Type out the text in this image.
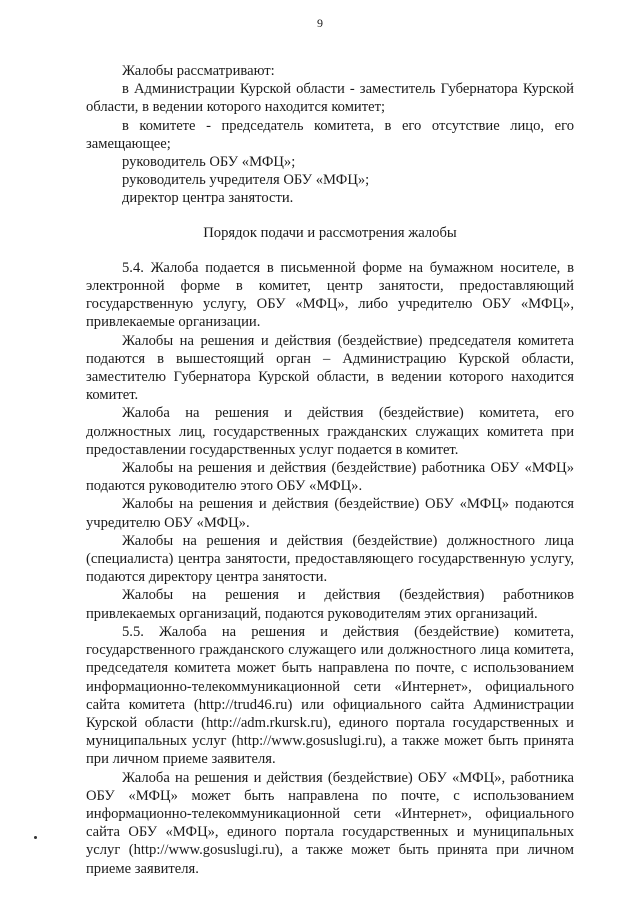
9

Жалобы рассматривают:

в Администрации Курской области - заместитель Губернатора Курской области, в ведении которого находится комитет;

в комитете - председатель комитета, в его отсутствие лицо, его замещающее;

руководитель ОБУ «МФЦ»;

руководитель учредителя ОБУ «МФЦ»;

директор центра занятости.

Порядок подачи и рассмотрения жалобы

5.4. Жалоба подается в письменной форме на бумажном носителе, в электронной форме в комитет, центр занятости, предоставляющий государственную услугу, ОБУ «МФЦ», либо учредителю ОБУ «МФЦ», привлекаемые организации.

Жалобы на решения и действия (бездействие) председателя комитета подаются в вышестоящий орган – Администрацию Курской области, заместителю Губернатора Курской области, в ведении которого находится комитет.

Жалоба на решения и действия (бездействие) комитета, его должностных лиц, государственных гражданских служащих комитета при предоставлении государственных услуг подается в комитет.

Жалобы на решения и действия (бездействие) работника ОБУ «МФЦ» подаются руководителю этого ОБУ «МФЦ».

Жалобы на решения и действия (бездействие) ОБУ «МФЦ» подаются учредителю ОБУ «МФЦ».

Жалобы на решения и действия (бездействие) должностного лица (специалиста) центра занятости, предоставляющего государственную услугу, подаются директору центра занятости.

Жалобы на решения и действия (бездействия) работников привлекаемых организаций, подаются руководителям этих организаций.

5.5. Жалоба на решения и действия (бездействие) комитета, государственного гражданского служащего или должностного лица комитета, председателя комитета может быть направлена по почте, с использованием информационно-телекоммуникационной сети «Интернет», официального сайта комитета (http://trud46.ru) или официального сайта Администрации Курской области (http://adm.rkursk.ru), единого портала государственных и муниципальных услуг (http://www.gosuslugi.ru), а также может быть принята при личном приеме заявителя.

Жалоба на решения и действия (бездействие) ОБУ «МФЦ», работника ОБУ «МФЦ» может быть направлена по почте, с использованием информационно-телекоммуникационной сети «Интернет», официального сайта ОБУ «МФЦ», единого портала государственных и муниципальных услуг (http://www.gosuslugi.ru), а также может быть принята при личном приеме заявителя.
